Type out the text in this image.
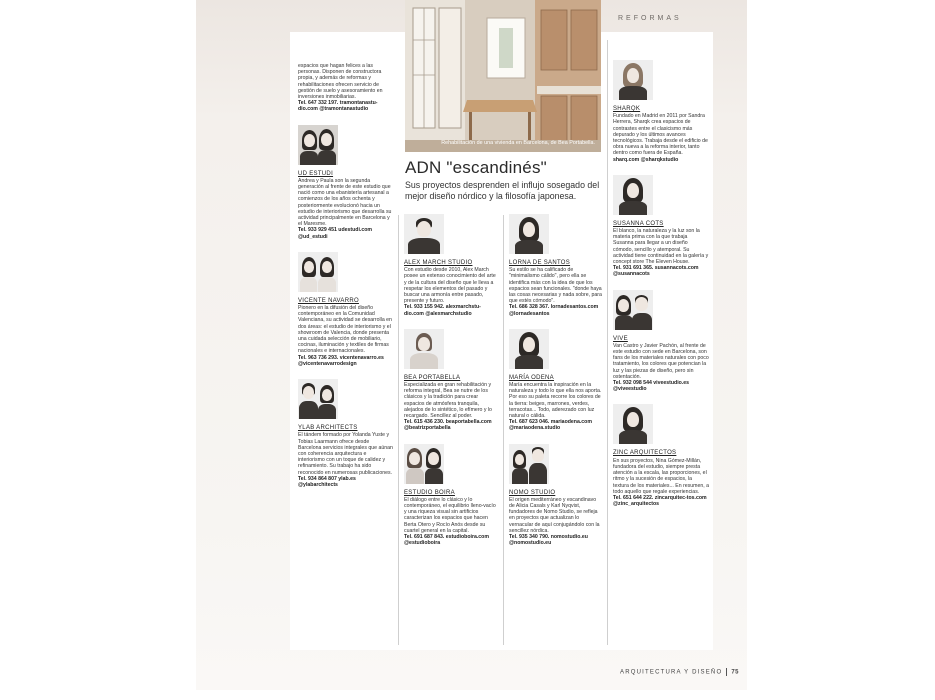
REFORMAS
Rehabilitación de una vivienda en Barcelona, de Bea Portabella.
ADN "escandinés"
Sus proyectos desprenden el influjo sosegado del mejor diseño nórdico y la filosofía japonesa.

espacios que hagan felices a las personas. Disponen de constructora propia, y además de reformas y rehabilitaciones ofrecen servicio de gestión de suelo y asesoramiento en inversiones inmobiliarias.

Tel. 647 332 197. tramontanastu-dio.com @tramontanastudio

UD ESTUDI

Andrea y Paula son la segunda generación al frente de este estudio que nació como una ebanistería artesanal a comienzos de los años ochenta y posteriormente evolucionó hacia un estudio de interiorismo que desarrolla su actividad principalmente en Barcelona y el Maresme.

Tel. 933 929 451 udestudi.com @ud_estudi

VICENTE NAVARRO

Pionero en la difusión del diseño contemporáneo en la Comunidad Valenciana, su actividad se desarrolla en dos áreas: el estudio de interiorismo y el showroom de Valencia, donde presenta una cuidada selección de mobiliario, cocinas, iluminación y textiles de firmas nacionales e internacionales.

Tel. 963 736 293. vicentenavarro.es @vicentenavarrodesign

YLAB ARCHITECTS

El tándem formado por Yolanda Yuste y Tobias Laarmann ofrece desde Barcelona servicios integrales que aúnan con coherencia arquitectura e interiorismo con un toque de calidez y refinamiento. Su trabajo ha sido reconocido en numerosas publicaciones.

Tel. 934 864 807 ylab.es @ylabarchitects

ALEX MARCH STUDIO

Con estudio desde 2010, Alex March posee un extenso conocimiento del arte y de la cultura del diseño que le lleva a respetar los elementos del pasado y buscar una armonía entre pasado, presente y futuro.

Tel. 933 155 942. alexmarchstu-dio.com @alexmarchstudio

BEA PORTABELLA

Especializada en gran rehabilitación y reforma integral, Bea se nutre de los clásicos y la tradición para crear espacios de atmósfera tranquila, alejados de lo sintético, lo efímero y lo recargado. Sencillez al poder.

Tel. 615 436 230. beaportabella.com @beatrizportabella

ESTUDIO BOIRA

El diálogo entre lo clásico y lo contemporáneo, el equilibrio lleno-vacío y una riqueza visual sin artificios caracterizan los espacios que hacen Berta Otero y Rocío Anós desde su cuartel general en la capital.

Tel. 691 687 843. estudioboira.com @estudioboira

LORNA DE SANTOS

Su estilo se ha calificado de "minimalismo cálido", pero ella se identifica más con la idea de que los espacios sean funcionales. "donde haya las cosas necesarias y nada sobre, para que estés cómodo".

Tel. 686 328 367. lornadesantos.com @lornadesantos

MARÍA ODENA

María encuentra la inspiración en la naturaleza y todo lo que ella nos aporta. Por eso su paleta recorre los colores de la tierra: beiges, marrones, verdes, terracotas... Todo, aderezado con luz natural o cálida.

Tel. 687 623 046. mariaodena.com @mariaodena.studio

NOMO STUDIO

El origen mediterráneo y escandinavo de Alicia Casals y Karl Nyqvist, fundadores de Nomo Studio, se refleja en proyectos que actualizan lo vernacular de aquí conjugándolo con la sencillez nórdica.

Tel. 935 340 790. nomostudio.eu @nomostudio.eu

SHARQK

Fundado en Madrid en 2011 por Sandra Herrera, Sharqk crea espacios de contrastes entre el clasicismo más depurado y los últimos avances tecnológicos. Trabaja desde el edificio de obra nueva a la reforma interior, tanto dentro como fuera de España.

sharq.com @sharqkstudio

SUSANNA COTS

El blanco, la naturaleza y la luz son la materia prima con la que trabaja Susanna para llegar a un diseño cómodo, sencillo y atemporal. Su actividad tiene continuidad en la galería y concept store The Eleven House.

Tel. 931 691 365. susannacots.com @susannacots

VIVE

Van Castro y Javier Pachón, al frente de este estudio con sede en Barcelona, son fans de los materiales naturales con poco tratamiento, los colores que potencian la luz y las piezas de diseño, pero sin ostentación.

Tel. 932 098 544 viveestudio.es @viveestudio

ZINC ARQUITECTOS

En sus proyectos, Nina Gómez-Millán, fundadora del estudio, siempre presta atención a la escala, las proporciones, el ritmo y la sucesión de espacios, la textura de los materiales... En resumen, a todo aquello que regale experiencias.

Tel. 651 644 222. zincarquitec-tos.com @zinc_arquitectos

ARQUITECTURA Y DISEÑO 75
